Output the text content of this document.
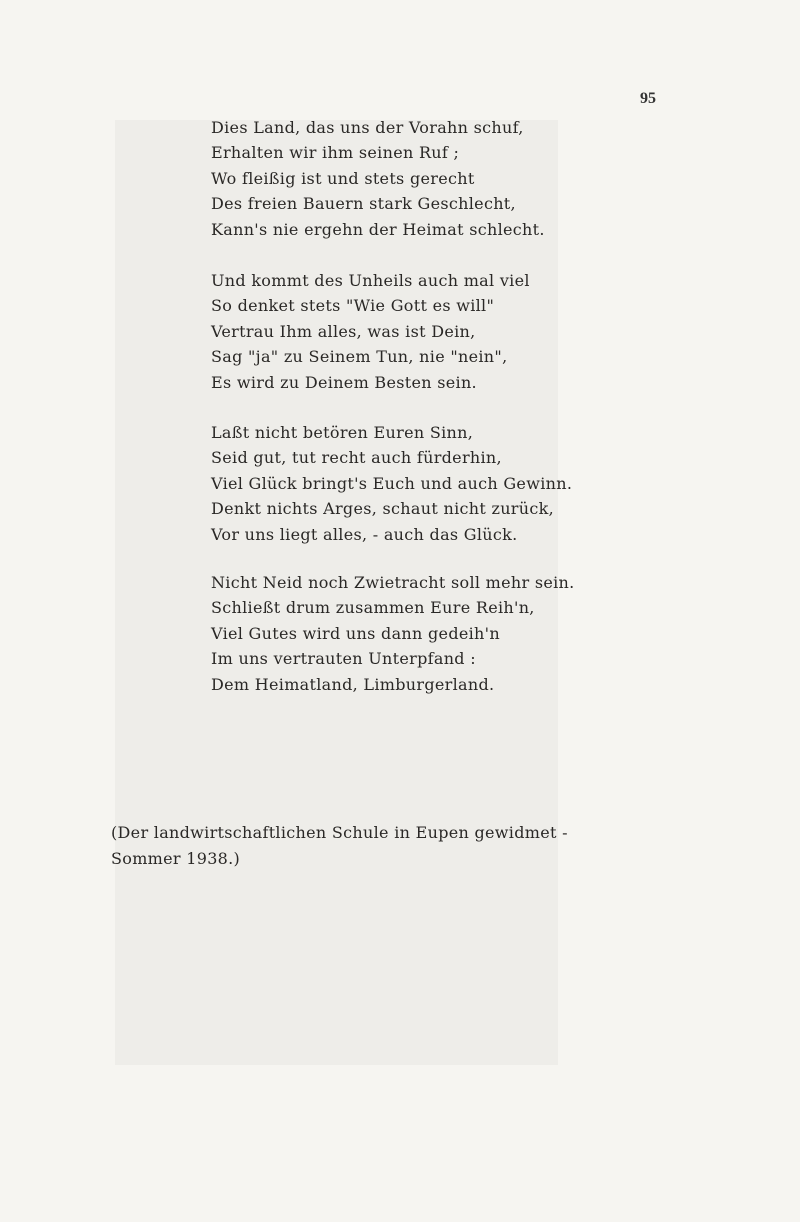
95
Dies Land, das uns der Vorahn schuf,
Erhalten wir ihm seinen Ruf ;
Wo fleißig ist und stets gerecht
Des freien Bauern stark Geschlecht,
Kann's nie ergehn der Heimat schlecht.
Und kommt des Unheils auch mal viel
So denket stets "Wie Gott es will"
Vertrau Ihm alles, was ist Dein,
Sag "ja" zu Seinem Tun, nie "nein",
Es wird zu Deinem Besten sein.
Laßt nicht betören Euren Sinn,
Seid gut, tut recht auch fürderhin,
Viel Glück bringt's Euch und auch Gewinn.
Denkt nichts Arges, schaut nicht zurück,
Vor uns liegt alles, - auch das Glück.
Nicht Neid noch Zwietracht soll mehr sein.
Schließt drum zusammen Eure Reih'n,
Viel Gutes wird uns dann gedeih'n
Im uns vertrauten Unterpfand :
Dem Heimatland, Limburgerland.
(Der landwirtschaftlichen Schule in Eupen gewidmet -
Sommer 1938.)
